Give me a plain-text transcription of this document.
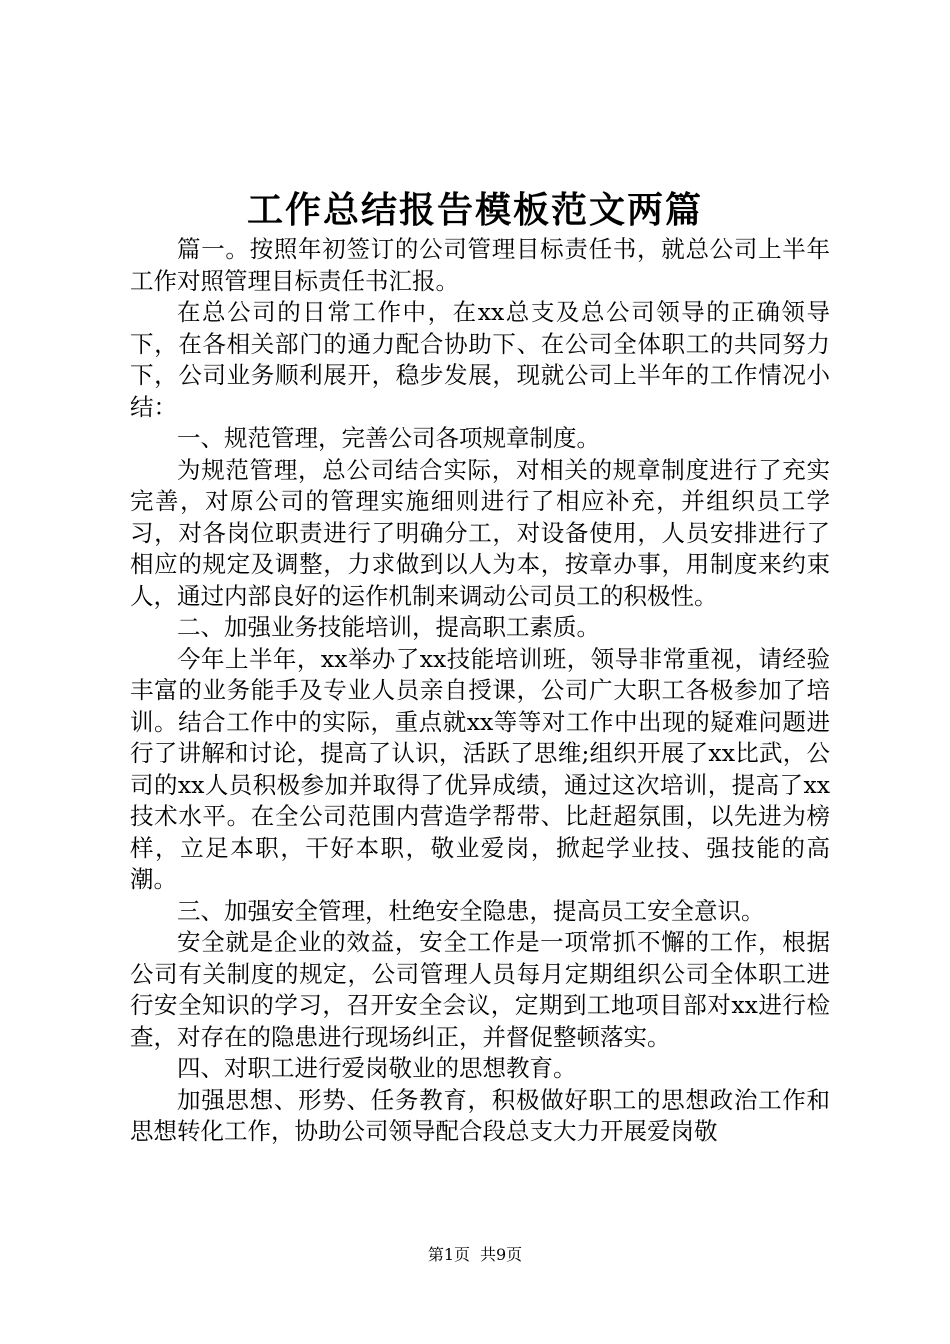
工作总结报告模板范文两篇

篇一。按照年初签订的公司管理目标责任书，就总公司上半年工作对照管理目标责任书汇报。

在总公司的日常工作中，在xx总支及总公司领导的正确领导下，在各相关部门的通力配合协助下、在公司全体职工的共同努力下，公司业务顺利展开，稳步发展，现就公司上半年的工作情况小结：

一、规范管理，完善公司各项规章制度。

为规范管理，总公司结合实际，对相关的规章制度进行了充实完善，对原公司的管理实施细则进行了相应补充，并组织员工学习，对各岗位职责进行了明确分工，对设备使用，人员安排进行了相应的规定及调整，力求做到以人为本，按章办事，用制度来约束人，通过内部良好的运作机制来调动公司员工的积极性。

二、加强业务技能培训，提高职工素质。

今年上半年，xx举办了xx技能培训班，领导非常重视，请经验丰富的业务能手及专业人员亲自授课，公司广大职工各极参加了培训。结合工作中的实际，重点就xx等等对工作中出现的疑难问题进行了讲解和讨论，提高了认识，活跃了思维;组织开展了xx比武，公司的xx人员积极参加并取得了优异成绩，通过这次培训，提高了xx技术水平。在全公司范围内营造学帮带、比赶超氛围，以先进为榜样，立足本职，干好本职，敬业爱岗，掀起学业技、强技能的高潮。

三、加强安全管理，杜绝安全隐患，提高员工安全意识。

安全就是企业的效益，安全工作是一项常抓不懈的工作，根据公司有关制度的规定，公司管理人员每月定期组织公司全体职工进行安全知识的学习，召开安全会议，定期到工地项目部对xx进行检查，对存在的隐患进行现场纠正，并督促整顿落实。

四、对职工进行爱岗敬业的思想教育。

加强思想、形势、任务教育，积极做好职工的思想政治工作和思想转化工作，协助公司领导配合段总支大力开展爱岗敬

第1页 共9页
